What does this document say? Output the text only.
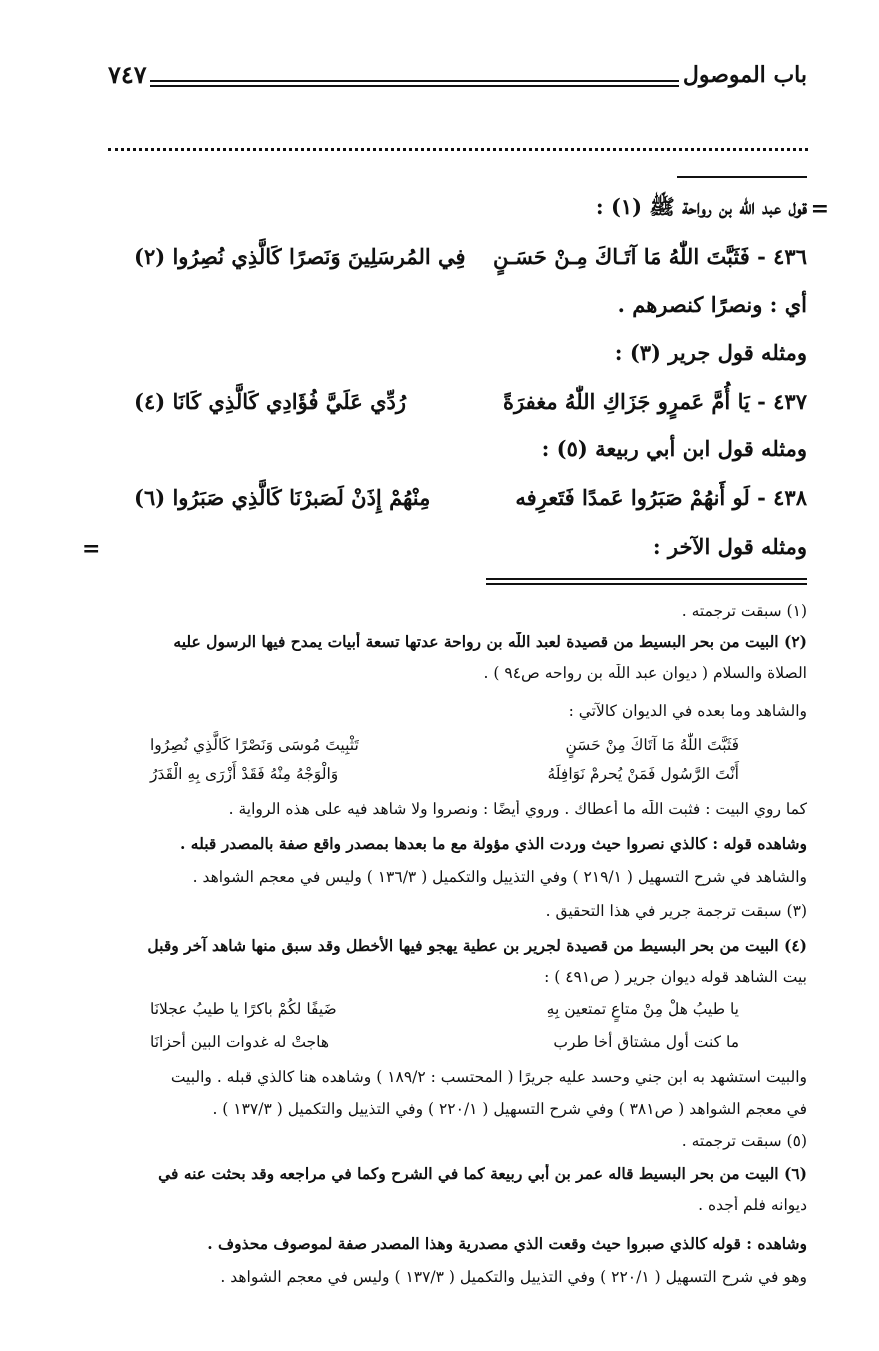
باب الموصول
٧٤٧
=
قول عبد اللّٰه بن رواحة ﷺ (١) :
٤٣٦ - فَثَبَّتَ اللّٰهُ مَا آتَـاكَ مِـنْ حَسَـنٍ
فِي المُرسَلِينَ وَنَصرًا كَالَّذِي نُصِرُوا (٢)
أي : ونصرًا كنصرهم .
ومثله قول جرير (٣) :
٤٣٧ - يَا أُمَّ عَمرٍو جَزَاكِ اللّٰهُ مغفرَةً
رُدِّي عَلَيَّ فُؤَادِي كَالَّذِي كَانَا (٤)
ومثله قول ابن أبي ربيعة (٥) :
٤٣٨ - لَو أَنهُمْ صَبَرُوا عَمدًا فَتَعرِفه
مِنْهُمْ إِذَنْ لَصَبرْنَا كَالَّذِي صَبَرُوا (٦)
ومثله قول الآخر :
=
(١) سبقت ترجمته .
(٢) البيت من بحر البسيط من قصيدة لعبد اللّٰه بن رواحة عدتها تسعة أبيات يمدح فيها الرسول عليه
الصلاة والسلام ( ديوان عبد اللّٰه بن رواحه ص٩٤ ) .
والشاهد وما بعده في الديوان كالآتي :
فَثَبَّتَ اللّٰهُ مَا آتَاكَ مِنْ حَسَنٍ
تَثْبِيتَ مُوسَى وَنَصْرًا كَالَّذِي نُصِرُوا
أَنْتَ الرَّسُول فَمَنْ يُحرمْ نَوَافِلَهُ
وَالْوَجْهُ مِنْهُ فَقَدْ أَزْرَى بِهِ الْقَدَرُ
كما روي البيت : فثبت اللّٰه ما أعطاك . وروي أيضًا : ونصروا ولا شاهد فيه على هذه الرواية .
وشاهده قوله : كالذي نصروا حيث وردت الذي مؤولة مع ما بعدها بمصدر واقع صفة بالمصدر قبله .
والشاهد في شرح التسهيل ( ٢١٩/١ ) وفي التذييل والتكميل ( ١٣٦/٣ ) وليس في معجم الشواهد .
(٣) سبقت ترجمة جرير في هذا التحقيق .
(٤) البيت من بحر البسيط من قصيدة لجرير بن عطية يهجو فيها الأخطل وقد سبق منها شاهد آخر وقبل
بيت الشاهد قوله ديوان جرير ( ص٤٩١ ) :
يا طيبُ هلْ مِنْ متاعٍ تمتعين بِهِ
ضَيفًا لكُمْ باكرًا يا طيبُ عجلانَا
ما كنت أول مشتاق أخا طرب
هاجتْ له غدوات البين أحزانَا
والبيت استشهد به ابن جني وحسد عليه جريرًا ( المحتسب : ١٨٩/٢ ) وشاهده هنا كالذي قبله . والبيت
في معجم الشواهد ( ص٣٨١ ) وفي شرح التسهيل ( ٢٢٠/١ ) وفي التذييل والتكميل ( ١٣٧/٣ ) .
(٥) سبقت ترجمته .
(٦) البيت من بحر البسيط قاله عمر بن أبي ربيعة كما في الشرح وكما في مراجعه وقد بحثت عنه في
ديوانه فلم أجده .
وشاهده : قوله كالذي صبروا حيث وقعت الذي مصدرية وهذا المصدر صفة لموصوف محذوف .
وهو في شرح التسهيل ( ٢٢٠/١ ) وفي التذييل والتكميل ( ١٣٧/٣ ) وليس في معجم الشواهد .
